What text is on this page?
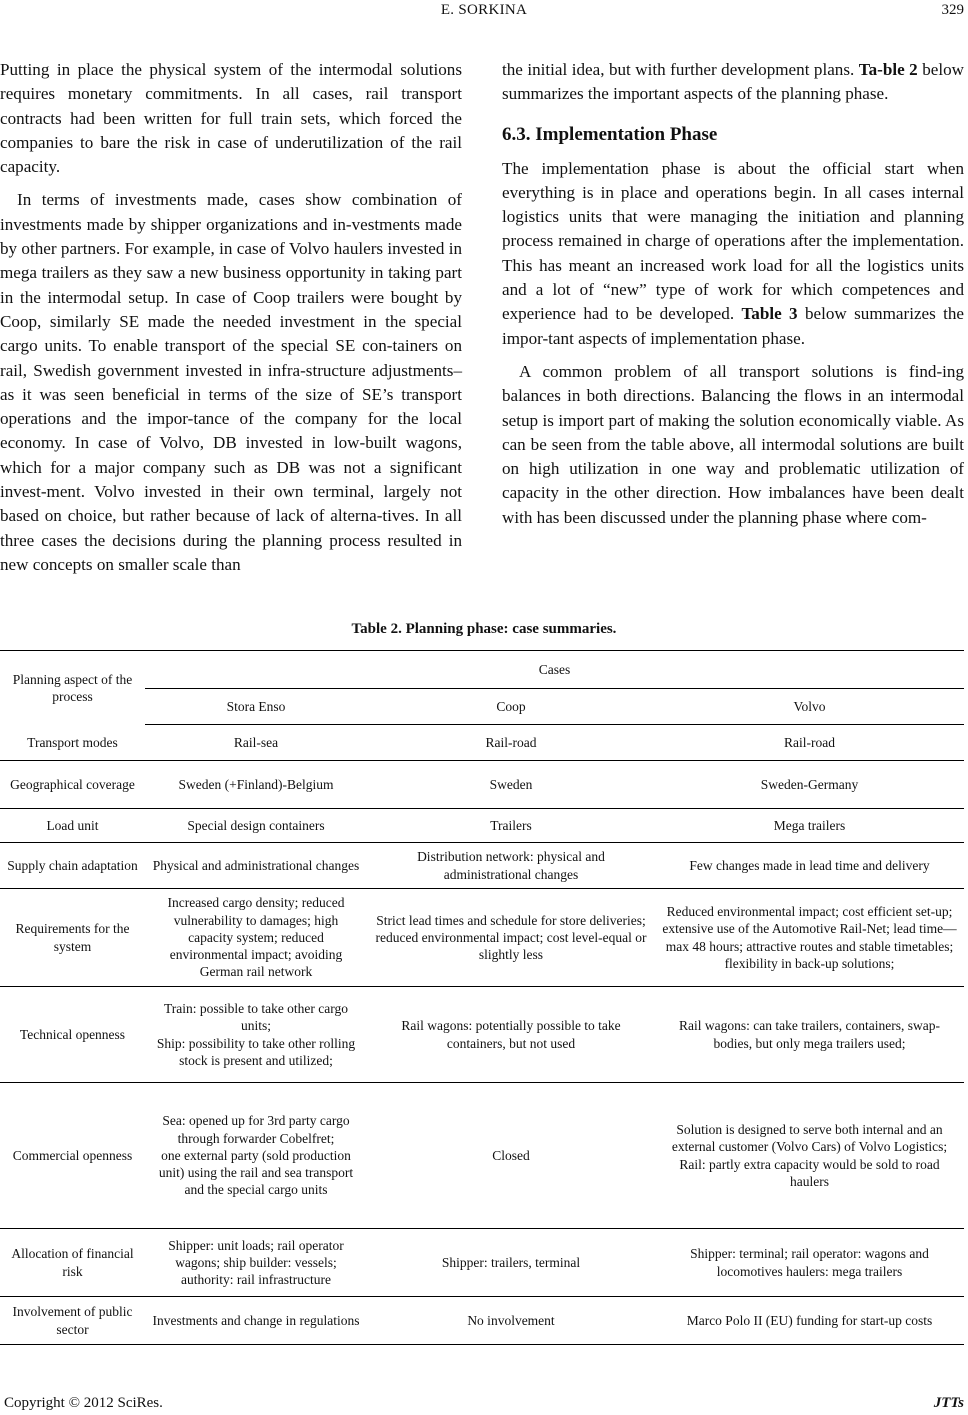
E. SORKINA	329

Putting in place the physical system of the intermodal solutions requires monetary commitments. In all cases, rail transport contracts had been written for full train sets, which forced the companies to bare the risk in case of underutilization of the rail capacity.

In terms of investments made, cases show combination of investments made by shipper organizations and in-vestments made by other partners. For example, in case of Volvo haulers invested in mega trailers as they saw a new business opportunity in taking part in the intermodal setup. In case of Coop trailers were bought by Coop, similarly SE made the needed investment in the special cargo units. To enable transport of the special SE con-tainers on rail, Swedish government invested in infra-structure adjustments–as it was seen beneficial in terms of the size of SE’s transport operations and the impor-tance of the company for the local economy. In case of Volvo, DB invested in low-built wagons, which for a major company such as DB was not a significant invest-ment. Volvo invested in their own terminal, largely not based on choice, but rather because of lack of alterna-tives. In all three cases the decisions during the planning process resulted in new concepts on smaller scale than

the initial idea, but with further development plans. Ta-ble 2 below summarizes the important aspects of the planning phase.

6.3. Implementation Phase

The implementation phase is about the official start when everything is in place and operations begin. In all cases internal logistics units that were managing the initiation and planning process remained in charge of operations after the implementation. This has meant an increased work load for all the logistics units and a lot of “new” type of work for which competences and experience had to be developed. Table 3 below summarizes the impor-tant aspects of implementation phase.

A common problem of all transport solutions is find-ing balances in both directions. Balancing the flows in an intermodal setup is import part of making the solution economically viable. As can be seen from the table above, all intermodal solutions are built on high utilization in one way and problematic utilization of capacity in the other direction. How imbalances have been dealt with has been discussed under the planning phase where com-

Table 2. Planning phase: case summaries.
Planning aspect of the process	Cases		
	Stora Enso	Coop	Volvo
Transport modes	Rail-sea	Rail-road	Rail-road
Geographical coverage	Sweden (+Finland)-Belgium	Sweden	Sweden-Germany
Load unit	Special design containers	Trailers	Mega trailers
Supply chain adaptation	Physical and administrational changes	Distribution network: physical and administrational changes	Few changes made in lead time and delivery
Requirements for the system	Increased cargo density; reduced vulnerability to damages; high capacity system; reduced environmental impact; avoiding German rail network	Strict lead times and schedule for store deliveries; reduced environmental impact; cost level-equal or slightly less	Reduced environmental impact; cost efficient set-up; extensive use of the Automotive Rail-Net; lead time—max 48 hours; attractive routes and stable timetables; flexibility in back-up solutions;
Technical openness	Train: possible to take other cargo units;
Ship: possibility to take other rolling stock is present and utilized;	Rail wagons: potentially possible to take containers, but not used	Rail wagons: can take trailers, containers, swap-bodies, but only mega trailers used;
Commercial openness	Sea: opened up for 3rd party cargo through forwarder Cobelfret;
one external party (sold production unit) using the rail and sea transport and the special cargo units	Closed	Solution is designed to serve both internal and an external customer (Volvo Cars) of Volvo Logistics; Rail: partly extra capacity would be sold to road haulers
Allocation of financial risk	Shipper: unit loads; rail operator wagons; ship builder: vessels; authority: rail infrastructure	Shipper: trailers, terminal	Shipper: terminal; rail operator: wagons and locomotives haulers: mega trailers
Involvement of public sector	Investments and change in regulations	No involvement	Marco Polo II (EU) funding for start-up costs
Copyright © 2012 SciRes.	JTTs
